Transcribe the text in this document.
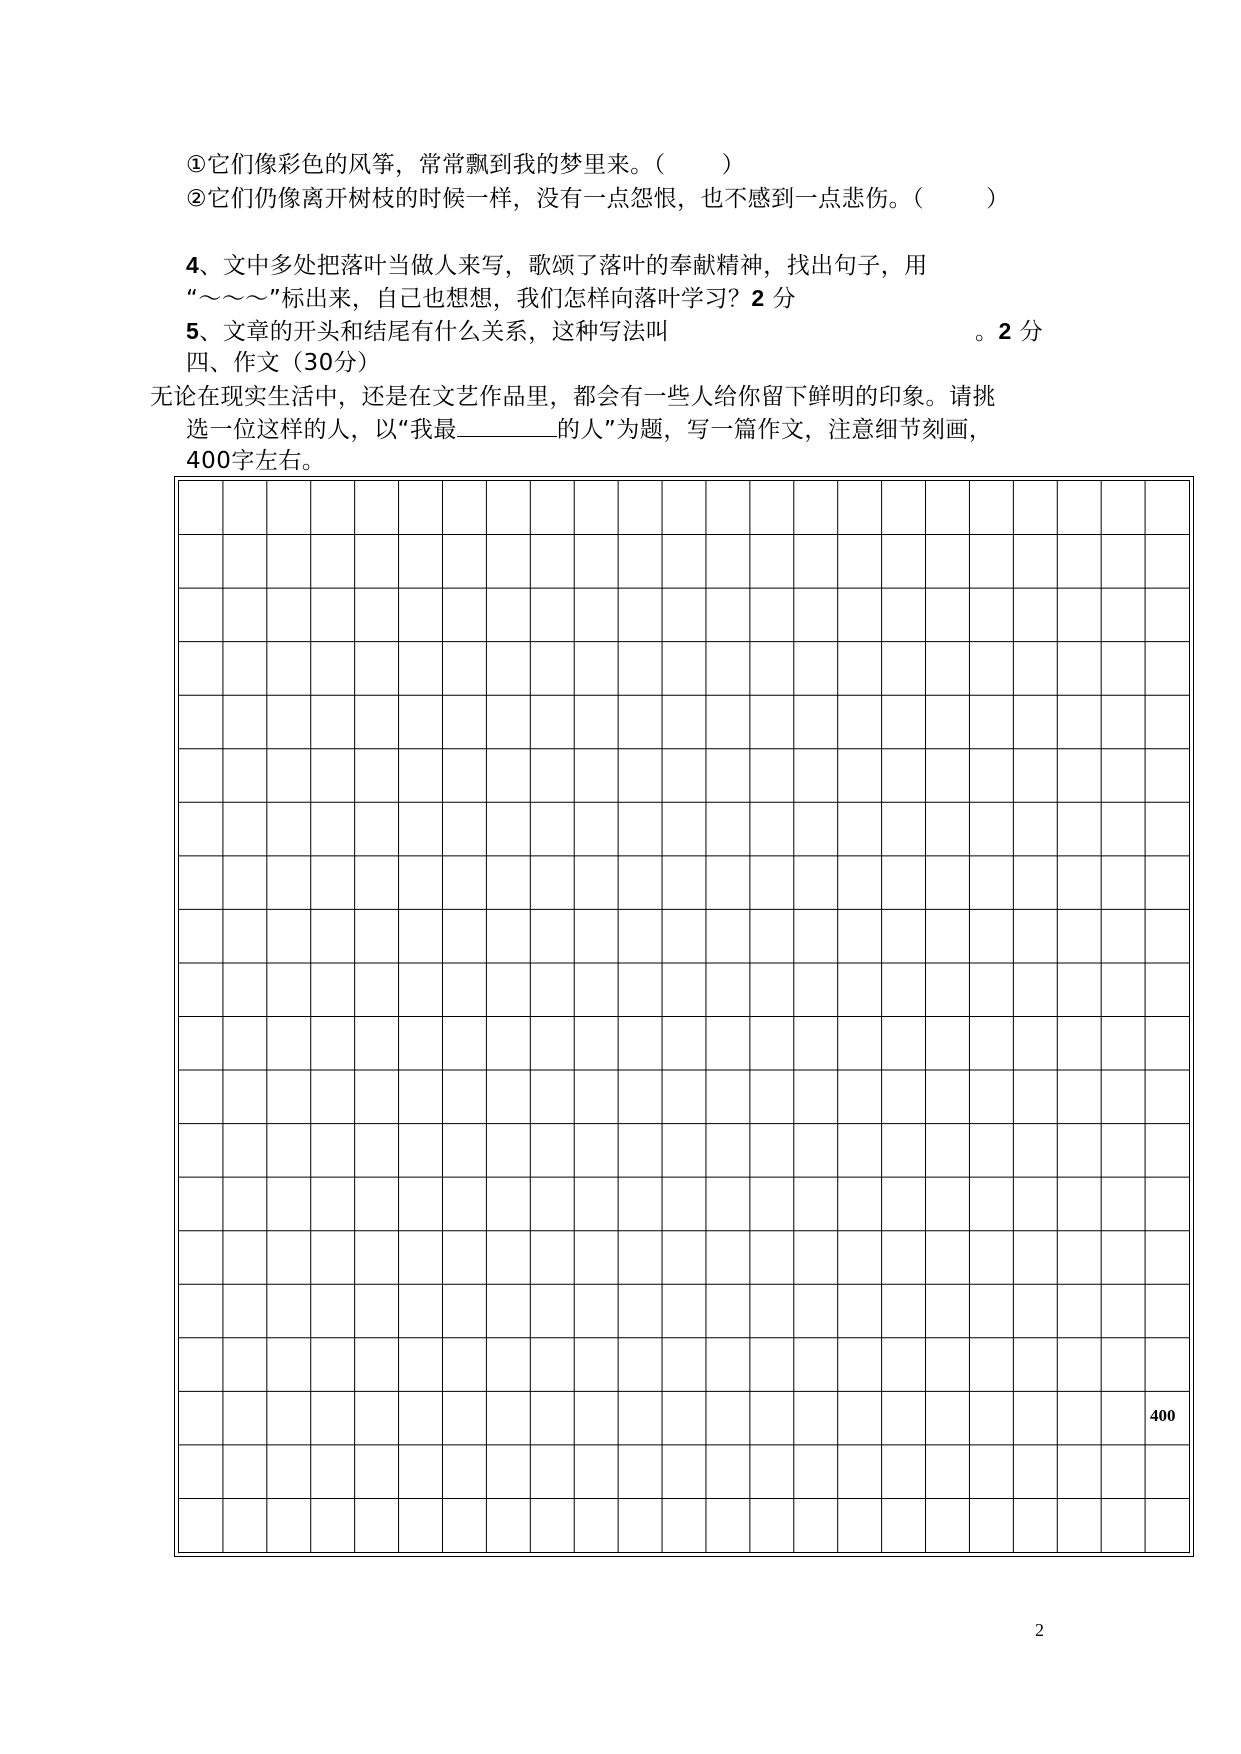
①它们像彩色的风筝，常常飘到我的梦里来。（ ）
②它们仍像离开树枝的时候一样，没有一点怨恨，也不感到一点悲伤。（	）
4、文中多处把落叶当做人来写，歌颂了落叶的奉献精神，找出句子，用
“～～～”标出来，自己也想想，我们怎样向落叶学习？2 分
5、文章的开头和结尾有什么关系，这种写法叫	。2 分
四、作文（30分）
无论在现实生活中，还是在文艺作品里，都会有一些人给你留下鲜明的印象。请挑
选一位这样的人，以“我最	的人”为题，写一篇作文，注意细节刻画，
400字左右。
400
2
